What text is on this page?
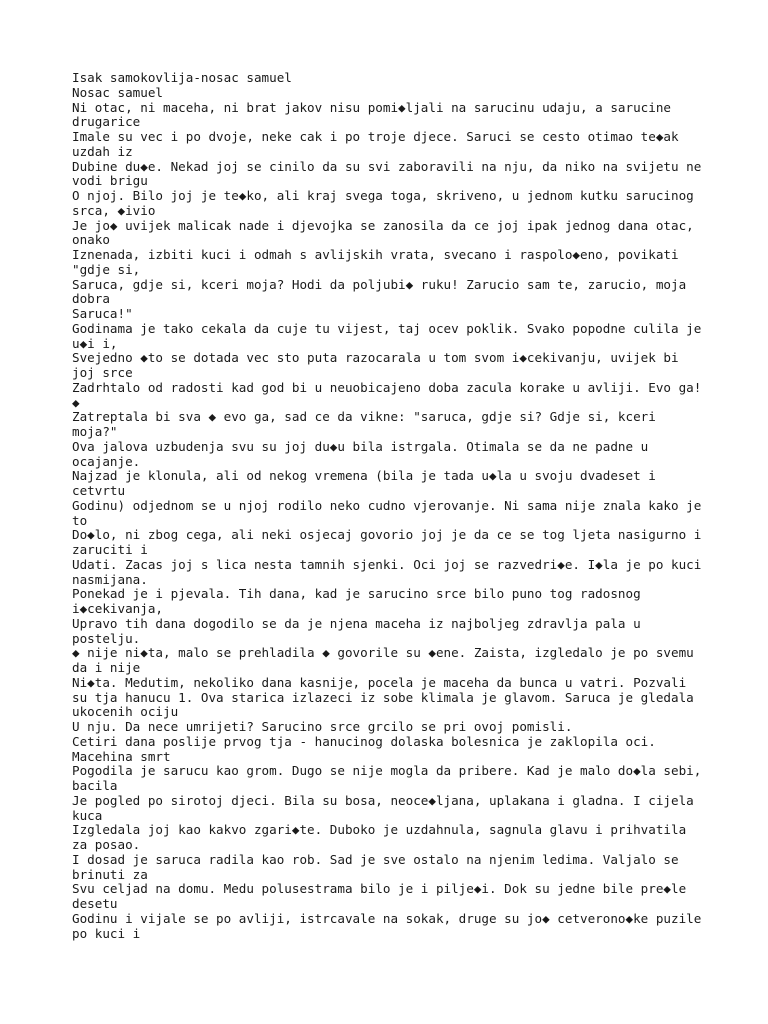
Isak samokovlija-nosac samuel
Nosac samuel
Ni otac, ni maceha, ni brat jakov nisu pomi◆ljali na sarucinu udaju, a sarucine
drugarice
Imale su vec i po dvoje, neke cak i po troje djece. Saruci se cesto otimao te◆ak
uzdah iz
Dubine du◆e. Nekad joj se cinilo da su svi zaboravili na nju, da niko na svijetu ne
vodi brigu
O njoj. Bilo joj je te◆ko, ali kraj svega toga, skriveno, u jednom kutku sarucinog
srca, ◆ivio
Je jo◆ uvijek malicak nade i djevojka se zanosila da ce joj ipak jednog dana otac,
onako
Iznenada, izbiti kuci i odmah s avlijskih vrata, svecano i raspolo◆eno, povikati
"gdje si,
Saruca, gdje si, kceri moja? Hodi da poljubi◆ ruku! Zarucio sam te, zarucio, moja
dobra
Saruca!"
Godinama je tako cekala da cuje tu vijest, taj ocev poklik. Svako popodne culila je
u◆i i,
Svejedno ◆to se dotada vec sto puta razocarala u tom svom i◆cekivanju, uvijek bi
joj srce
Zadrhtalo od radosti kad god bi u neuobicajeno doba zacula korake u avliji. Evo ga!
◆
Zatreptala bi sva ◆ evo ga, sad ce da vikne: "saruca, gdje si? Gdje si, kceri
moja?"
Ova jalova uzbudenja svu su joj du◆u bila istrgala. Otimala se da ne padne u
ocajanje.
Najzad je klonula, ali od nekog vremena (bila je tada u◆la u svoju dvadeset i
cetvrtu
Godinu) odjednom se u njoj rodilo neko cudno vjerovanje. Ni sama nije znala kako je
to
Do◆lo, ni zbog cega, ali neki osjecaj govorio joj je da ce se tog ljeta nasigurno i
zaruciti i
Udati. Zacas joj s lica nesta tamnih sjenki. Oci joj se razvedri◆e. I◆la je po kuci
nasmijana.
Ponekad je i pjevala. Tih dana, kad je sarucino srce bilo puno tog radosnog
i◆cekivanja,
Upravo tih dana dogodilo se da je njena maceha iz najboljeg zdravlja pala u
postelju.
◆ nije ni◆ta, malo se prehladila ◆ govorile su ◆ene. Zaista, izgledalo je po svemu
da i nije
Ni◆ta. Medutim, nekoliko dana kasnije, pocela je maceha da bunca u vatri. Pozvali
su tja hanucu 1. Ova starica izlazeci iz sobe klimala je glavom. Saruca je gledala
ukocenih ociju
U nju. Da nece umrijeti? Sarucino srce grcilo se pri ovoj pomisli.
Cetiri dana poslije prvog tja - hanucinog dolaska bolesnica je zaklopila oci.
Macehina smrt
Pogodila je sarucu kao grom. Dugo se nije mogla da pribere. Kad je malo do◆la sebi,
bacila
Je pogled po sirotoj djeci. Bila su bosa, neoce◆ljana, uplakana i gladna. I cijela
kuca
Izgledala joj kao kakvo zgari◆te. Duboko je uzdahnula, sagnula glavu i prihvatila
za posao.
I dosad je saruca radila kao rob. Sad je sve ostalo na njenim ledima. Valjalo se
brinuti za
Svu celjad na domu. Medu polusestrama bilo je i pilje◆i. Dok su jedne bile pre◆le
desetu
Godinu i vijale se po avliji, istrcavale na sokak, druge su jo◆ cetverono◆ke puzile
po kuci i
